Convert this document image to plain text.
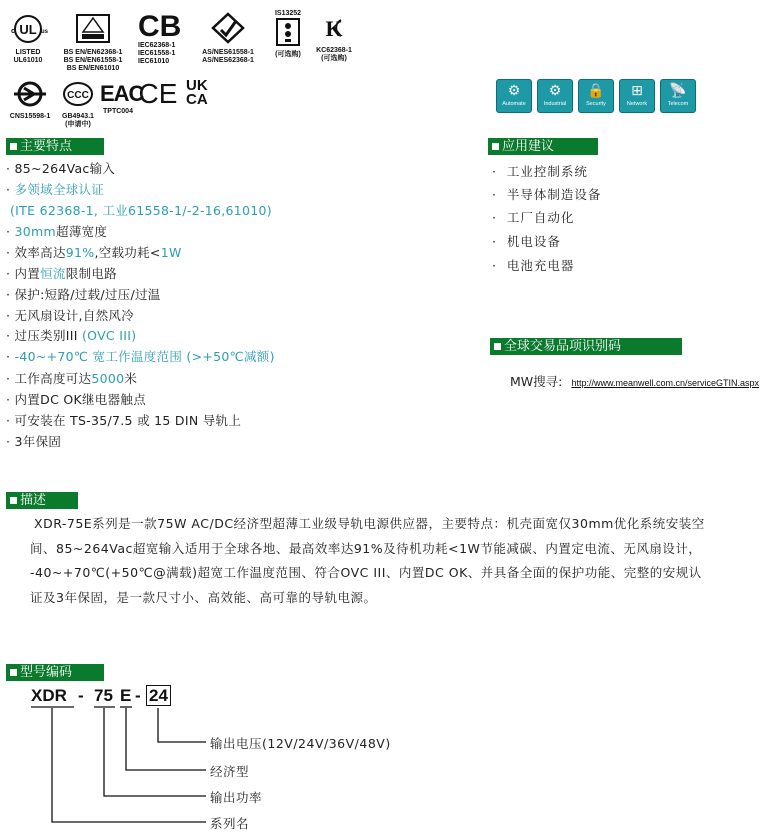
UL
c	us
LISTED
UL61010
BS EN/EN62368-1
BS EN/EN61558-1
BS EN/EN61010
CB
IEC62368-1
IEC61558-1
IEC61010
AS/NES61558-1
AS/NES62368-1
IS13252
(可选购)
K
KC62368-1
(可选购)
CNS15598-1
CCC
GB4943.1
(申请中)
EAC
TPTC004
CE UK
CA	⚙
Automate
⚙
Industrial
🔒
Security
⊞
Network
📡
Telecom
主要特点
· 85~264Vac输入
· 多领域全球认证
(ITE 62368-1, 工业61558-1/-2-16,61010)
· 30mm超薄宽度
· 效率高达91%,空载功耗<1W
· 内置恒流限制电路
· 保护:短路/过载/过压/过温
· 无风扇设计,自然风冷
· 过压类别III (OVC III)
· -40~+70℃ 宽工作温度范围 (>+50℃减额)
· 工作高度可达5000米
· 内置DC OK继电器触点
· 可安装在 TS-35/7.5 或 15 DIN 导轨上
· 3年保固
应用建议
·  工业控制系统
·  半导体制造设备
·  工厂自动化
·  机电设备
·  电池充电器
全球交易品项识别码
MW搜寻: http://www.meanwell.com.cn/serviceGTIN.aspx
描述
XDR-75E系列是一款75W AC/DC经济型超薄工业级导轨电源供应器，主要特点：机壳面宽仅30mm优化系统安装空
间、85~264Vac超宽输入适用于全球各地、最高效率达91%及待机功耗<1W节能减碳、内置定电流、无风扇设计，
-40~+70℃(+50℃@满载)超宽工作温度范围、符合OVC III、内置DC OK、并具备全面的保护功能、完整的安规认
证及3年保固，是一款尺寸小、高效能、高可靠的导轨电源。
型号编码
XDR - 75 E - 24
输出电压(12V/24V/36V/48V)
经济型
输出功率
系列名
